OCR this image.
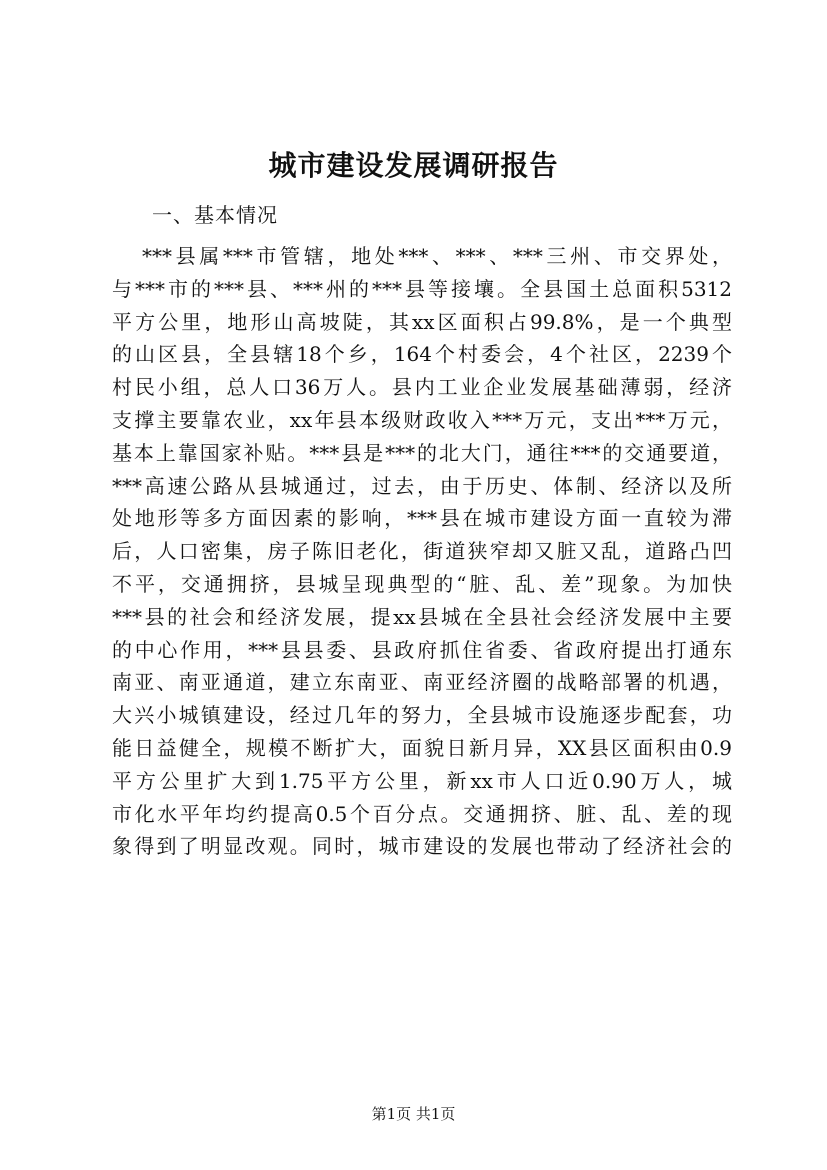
城市建设发展调研报告
一、基本情况
***县属***市管辖，地处***、***、***三州、市交界处，
与***市的***县、***州的***县等接壤。全县国土总面积5312
平方公里，地形山高坡陡，其xx区面积占99.8%，是一个典型
的山区县，全县辖18个乡，164个村委会，4个社区，2239个
村民小组，总人口36万人。县内工业企业发展基础薄弱，经济
支撑主要靠农业，xx年县本级财政收入***万元，支出***万元，
基本上靠国家补贴。***县是***的北大门，通往***的交通要道，
***高速公路从县城通过，过去，由于历史、体制、经济以及所
处地形等多方面因素的影响，***县在城市建设方面一直较为滞
后，人口密集，房子陈旧老化，街道狭窄却又脏又乱，道路凸凹
不平，交通拥挤，县城呈现典型的“脏、乱、差”现象。为加快
***县的社会和经济发展，提xx县城在全县社会经济发展中主要
的中心作用，***县县委、县政府抓住省委、省政府提出打通东
南亚、南亚通道，建立东南亚、南亚经济圈的战略部署的机遇，
大兴小城镇建设，经过几年的努力，全县城市设施逐步配套，功
能日益健全，规模不断扩大，面貌日新月异，XX县区面积由0.9
平方公里扩大到1.75平方公里，新xx市人口近0.90万人，城
市化水平年均约提高0.5个百分点。交通拥挤、脏、乱、差的现
象得到了明显改观。同时，城市建设的发展也带动了经济社会的
第1页 共1页
